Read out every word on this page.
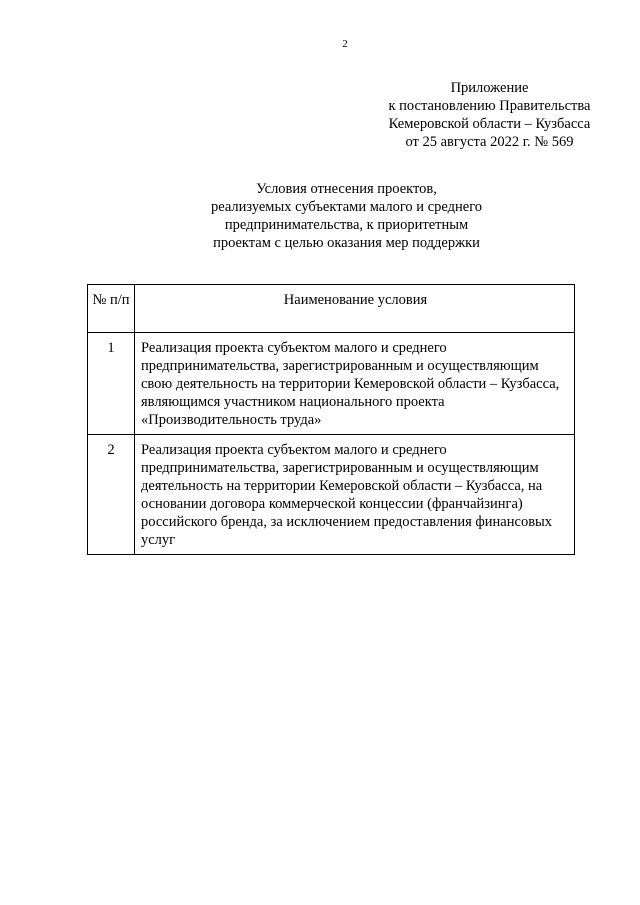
2
Приложение
к постановлению Правительства
Кемеровской области – Кузбасса
от 25 августа 2022 г. № 569
Условия отнесения проектов,
реализуемых субъектами малого и среднего
предпринимательства, к приоритетным
проектам с целью оказания мер поддержки
№ п/п	Наименование условия
1	Реализация проекта субъектом малого и среднего предпринимательства, зарегистрированным и осуществляющим свою деятельность на территории Кемеровской области – Кузбасса, являющимся участником национального проекта «Производительность труда»
2	Реализация проекта субъектом малого и среднего предпринимательства, зарегистрированным и осуществляющим деятельность на территории Кемеровской области – Кузбасса, на основании договора коммерческой концессии (франчайзинга) российского бренда, за исключением предоставления финансовых услуг
